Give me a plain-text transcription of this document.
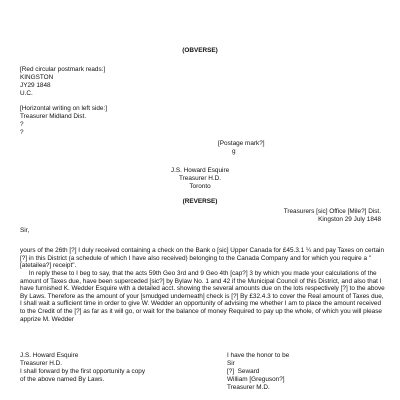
(OBVERSE)
[Red circular postmark reads:]
KINGSTON
JY29 1848
U.C.
[Horizontal writing on left side:]
Treasurer Midland Dist.
?
?
[Postage mark?]
g
J.S. Howard Esquire
Treasurer H.D.
Toronto
(REVERSE)
Treasurers [sic] Office [Mile?] Dist.
Kingston 29 July 1848
Sir,
yours of the 26th [?] I duly received containing a check on the Bank o [sic] Upper Canada for £45.3.1 ¼ and pay Taxes on certain [?] in this District (a schedule of which I have also received) belonging to the Canada Company and for which you require a "[atetailea?] receipt".
In reply these to I beg to say, that the acts 59th Geo 3rd and 9 Geo 4th [cap?] 3 by which you made your calculations of the amount of Taxes due, have been superceded [sic?] by Bylaw No. 1 and 42 if the Municipal Council of this District, and also that I have furnished K. Wedder Esquire with a detailed acct. showing the several amounts due on the lots respectively [?] to the above By Laws. Therefore as the amount of your [smudged underneath] check is [?] By £32.4.3 to cover the Real amount of Taxes due, I shall wait a sufficient time in order to give W. Wedder an opportunity of advising me whether I am to place the amount received to the Credit of the [?] as far as it will go, or wait for the balance of money Required to pay up the whole, of which you will please apprize M. Wedder
J.S. Howard Esquire
Treasurer H.D.
I shall forward by the first opportunity a copy
of the above named By Laws.
I have the honor to be
Sir
[?]  Seward
William [Greguson?]
Treasurer M.D.
